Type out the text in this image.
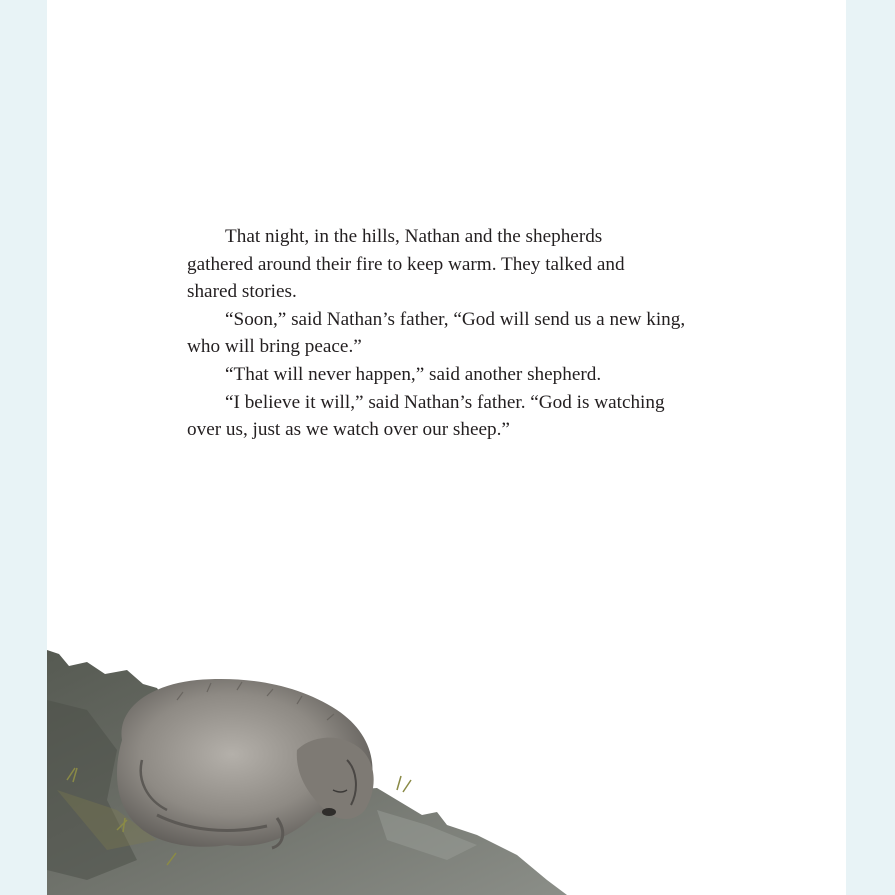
That night, in the hills, Nathan and the shepherds
gathered around their fire to keep warm. They talked and
shared stories.

“Soon,” said Nathan’s father, “God will send us a new king,
who will bring peace.”

“That will never happen,” said another shepherd.

“I believe it will,” said Nathan’s father. “God is watching
over us, just as we watch over our sheep.”
